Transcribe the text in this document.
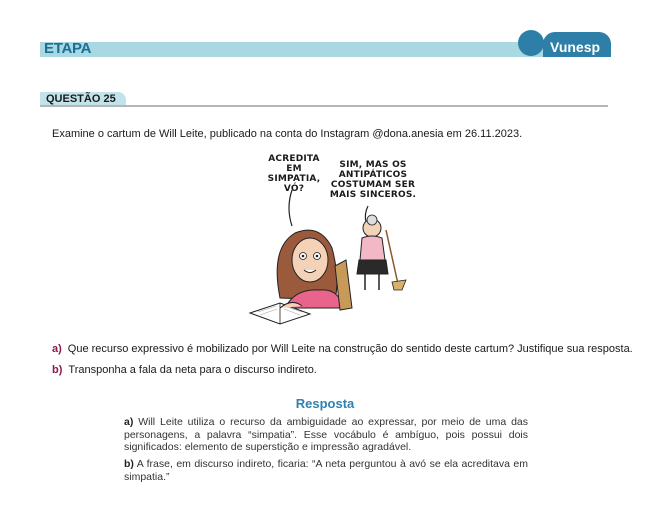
ETAPA	Vunesp
QUESTÃO 25
Examine o cartum de Will Leite, publicado na conta do Instagram @dona.anesia em 26.11.2023.
ACREDITA EM SIMPATIA, VÓ?
SIM, MAS OS ANTIPÁTICOS COSTUMAM SER MAIS SINCEROS.
a) Que recurso expressivo é mobilizado por Will Leite na construção do sentido deste cartum? Justifique sua resposta.
b) Transponha a fala da neta para o discurso indireto.
Resposta
a) Will Leite utiliza o recurso da ambiguidade ao expressar, por meio de uma das personagens, a palavra “simpatia”. Esse vocábulo é ambíguo, pois possui dois significados: elemento de superstição e impressão agradável.
b) A frase, em discurso indireto, ficaria: “A neta perguntou à avó se ela acreditava em simpatia.”
